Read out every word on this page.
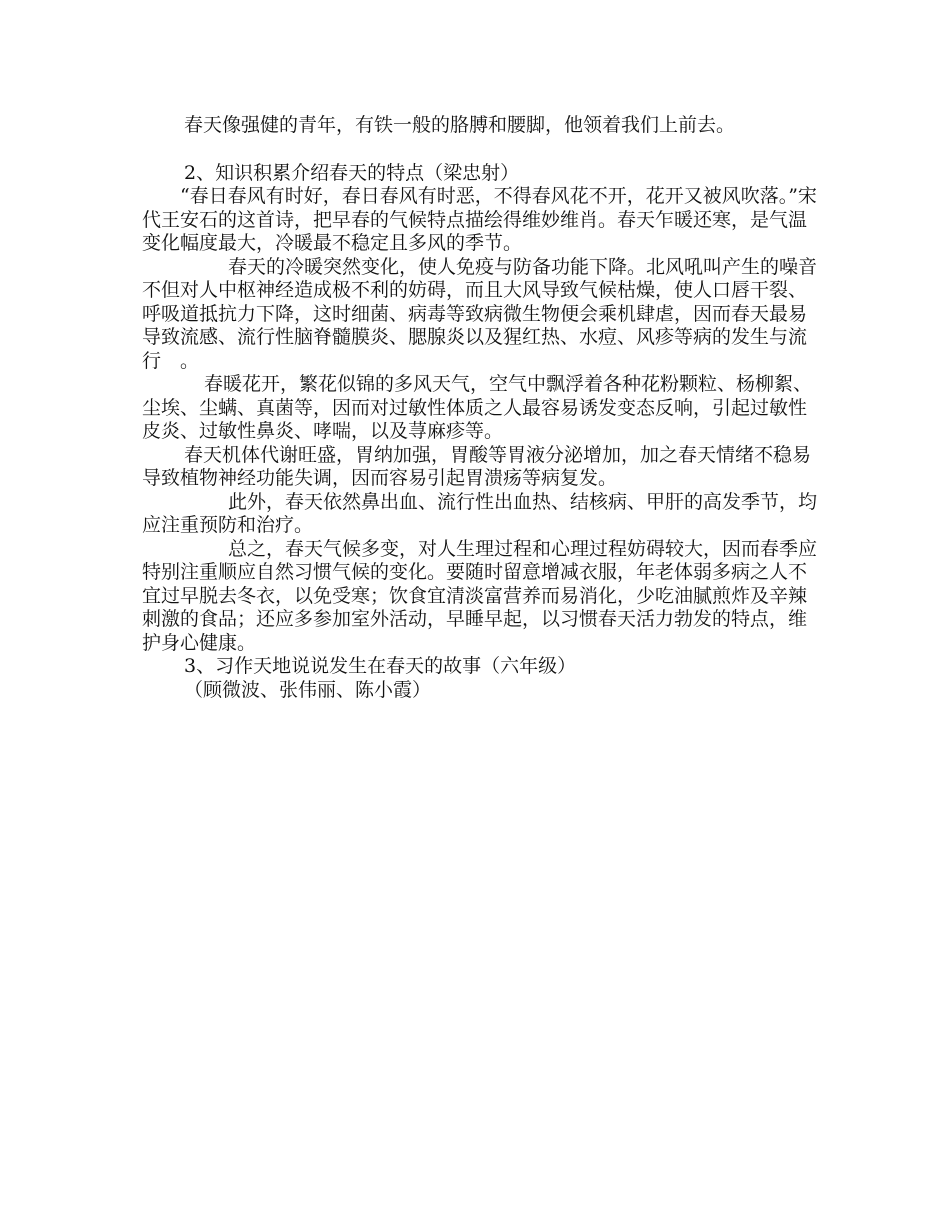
春天像强健的青年，有铁一般的胳膊和腰脚，他领着我们上前去。

2、知识积累介绍春天的特点（梁忠射）

“春日春风有时好，春日春风有时恶，不得春风花不开，花开又被风吹落。”宋代王安石的这首诗，把早春的气候特点描绘得维妙维肖。春天乍暖还寒，是气温变化幅度最大，冷暖最不稳定且多风的季节。

春天的冷暖突然变化，使人免疫与防备功能下降。北风吼叫产生的噪音不但对人中枢神经造成极不利的妨碍，而且大风导致气候枯燥，使人口唇干裂、呼吸道抵抗力下降，这时细菌、病毒等致病微生物便会乘机肆虐，因而春天最易导致流感、流行性脑脊髓膜炎、腮腺炎以及猩红热、水痘、风疹等病的发生与流行　。

春暖花开，繁花似锦的多风天气，空气中飘浮着各种花粉颗粒、杨柳絮、尘埃、尘螨、真菌等，因而对过敏性体质之人最容易诱发变态反响，引起过敏性皮炎、过敏性鼻炎、哮喘，以及荨麻疹等。

春天机体代谢旺盛，胃纳加强，胃酸等胃液分泌增加，加之春天情绪不稳易导致植物神经功能失调，因而容易引起胃溃疡等病复发。

此外，春天依然鼻出血、流行性出血热、结核病、甲肝的高发季节，均应注重预防和治疗。

总之，春天气候多变，对人生理过程和心理过程妨碍较大，因而春季应特别注重顺应自然习惯气候的变化。要随时留意增减衣服，年老体弱多病之人不宜过早脱去冬衣，以免受寒；饮食宜清淡富营养而易消化，少吃油腻煎炸及辛辣刺激的食品；还应多参加室外活动，早睡早起，以习惯春天活力勃发的特点，维护身心健康。

3、习作天地说说发生在春天的故事（六年级）

（顾微波、张伟丽、陈小霞）
